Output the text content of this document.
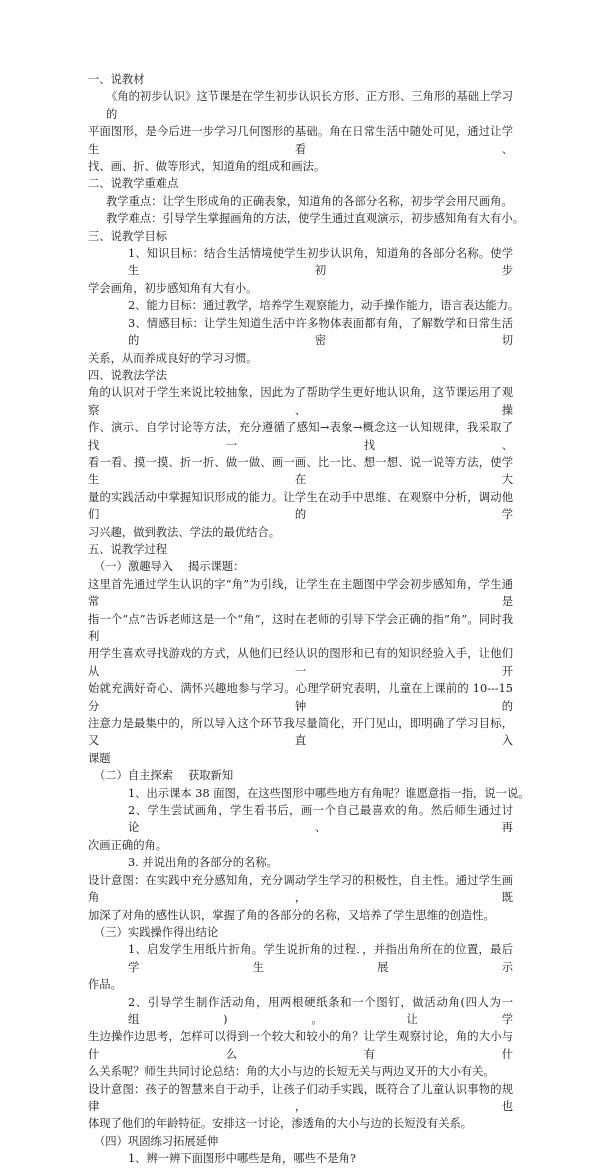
一、说教材
《角的初步认识》这节课是在学生初步认识长方形、正方形、三角形的基础上学习的
平面图形，是今后进一步学习几何图形的基础。角在日常生活中随处可见，通过让学生看、
找、画、折、做等形式，知道角的组成和画法。
二、说教学重难点
教学重点：让学生形成角的正确表象，知道角的各部分名称，初步学会用尺画角。
教学难点：引导学生掌握画角的方法，使学生通过直观演示，初步感知角有大有小。
三、说教学目标
1、知识目标：结合生活情境使学生初步认识角，知道角的各部分名称。使学生初步
学会画角，初步感知角有大有小。
2、能力目标：通过教学，培养学生观察能力，动手操作能力，语言表达能力。
3、情感目标：让学生知道生活中许多物体表面都有角，了解数学和日常生活的密切
关系，从而养成良好的学习习惯。
四、说教法学法
角的认识对于学生来说比较抽象，因此为了帮助学生更好地认识角，这节课运用了观察、操
作、演示、自学讨论等方法，充分遵循了感知→表象→概念这一认知规律，我采取了找一找、
看一看、摸一摸、折一折、做一做、画一画、比一比、想一想、说一说等方法，使学生在大
量的实践活动中掌握知识形成的能力。让学生在动手中思维、在观察中分析，调动他们的学
习兴趣，做到教法、学法的最优结合。
五、说教学过程
（一）激趣导入　 揭示课题：
这里首先通过学生认识的字“角”为引线，让学生在主题图中学会初步感知角，学生通常是
指一个“点”告诉老师这是一个“角”，这时在老师的引导下学会正确的指“角”。同时我利
用学生喜欢寻找游戏的方式，从他们已经认识的图形和已有的知识经验入手，让他们从一开
始就充满好奇心、满怀兴趣地参与学习。心理学研究表明，儿童在上课前的 10---15 分钟的
注意力是最集中的，所以导入这个环节我尽量简化，开门见山，即明确了学习目标，又直入
课题
（二）自主探索　 获取新知
1、出示课本 38 面图，在这些图形中哪些地方有角呢？谁愿意指一指，说一说。
2、学生尝试画角，学生看书后，画一个自己最喜欢的角。然后师生通过讨论、再
次画正确的角。
3. 并说出角的各部分的名称。
设计意图：在实践中充分感知角，充分调动学生学习的积极性，自主性。通过学生画角，既
加深了对角的感性认识，掌握了角的各部分的名称，又培养了学生思维的创造性。
（三）实践操作得出结论
1、启发学生用纸片折角。学生说折角的过程．，并指出角所在的位置，最后学生展示
作品。
2、引导学生制作活动角，用两根硬纸条和一个图钉，做活动角(四人为一组)。让学
生边操作边思考，怎样可以得到一个较大和较小的角？让学生观察讨论，角的大小与什么有什
么关系呢？师生共同讨论总结：角的大小与边的长短无关与两边叉开的大小有关。
设计意图：孩子的智慧来自于动手，让孩子们动手实践，既符合了儿童认识事物的规律，也
体现了他们的年龄特征。安排这一讨论，渗透角的大小与边的长短没有关系。
（四）巩固练习拓展延伸
1、辨一辨下面图形中哪些是角，哪些不是角?
